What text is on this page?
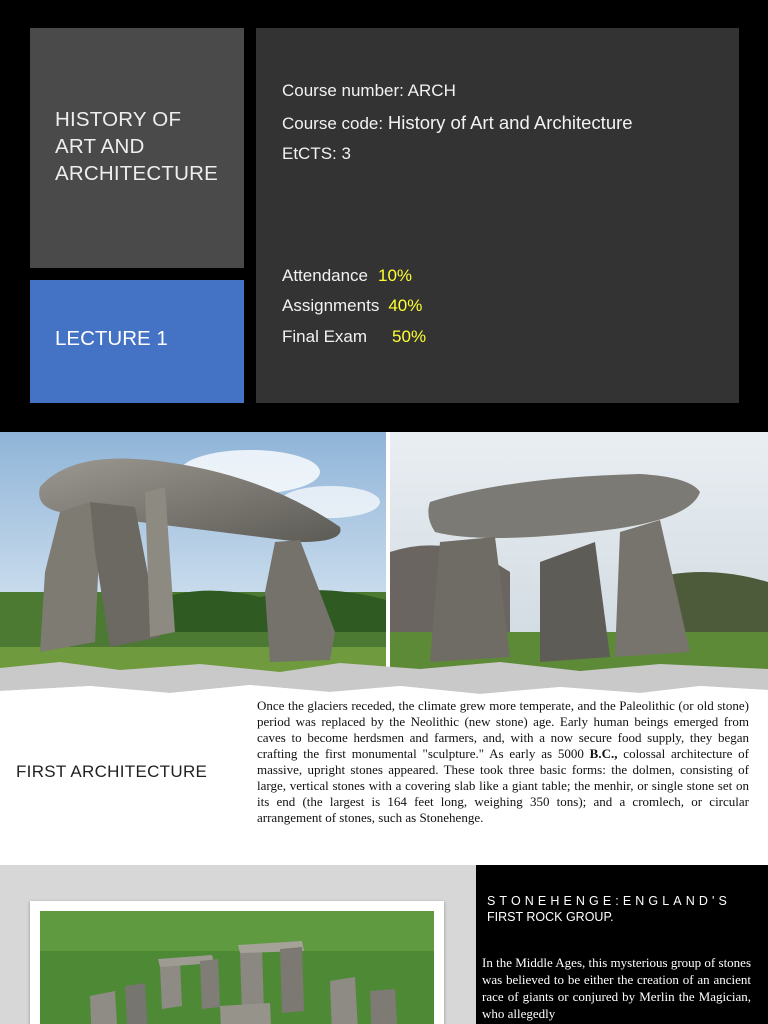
HISTORY OF
ART AND
ARCHITECTURE
LECTURE 1
Course number: ARCH
Course code: History of Art and Architecture
EtCTS: 3
Attendance 10%
Assignments 40%
Final Exam 50%
FIRST ARCHITECTURE
Once the glaciers receded, the climate grew more temperate, and the Paleolithic (or old stone) period was replaced by the Neolithic (new stone) age. Early human beings emerged from caves to become herdsmen and farmers, and, with a now secure food supply, they began crafting the first monumental "sculpture." As early as 5000 B.C., colossal architecture of massive, upright stones appeared. These took three basic forms: the dolmen, consisting of large, vertical stones with a covering slab like a giant table; the menhir, or single stone set on its end (the largest is 164 feet long, weighing 350 tons); and a cromlech, or circular arrangement of stones, such as Stonehenge.
STONEHENGE:ENGLAND'S
FIRST ROCK GROUP.
In the Middle Ages, this mysterious group of stones was believed to be either the creation of an ancient race of giants or conjured by Merlin the Magician, who allegedly
